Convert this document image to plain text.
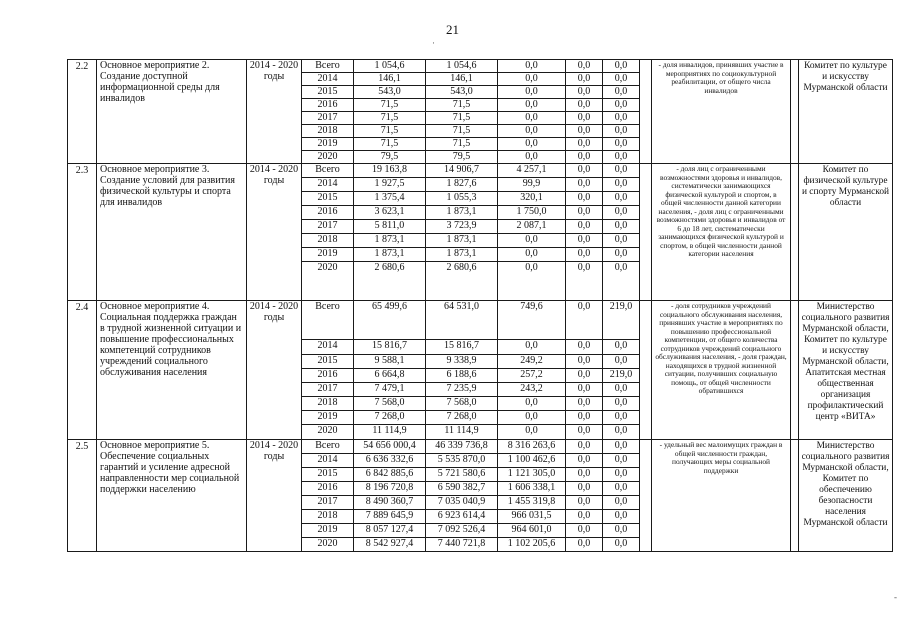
21
·
-
2.2	Основное мероприятие 2. Создание доступной информационной среды для инвалидов	2014 - 2020 годы	Всего	1 054,6	1 054,6	0,0	0,0	0,0		- доля инвалидов, принявших участие в мероприятиях по социокультурной реабилитации, от общего числа инвалидов		Комитет по культуре и искусству Мурманской области
			2014	146,1	146,1	0,0	0,0	0,0				
			2015	543,0	543,0	0,0	0,0	0,0				
			2016	71,5	71,5	0,0	0,0	0,0				
			2017	71,5	71,5	0,0	0,0	0,0				
			2018	71,5	71,5	0,0	0,0	0,0				
			2019	71,5	71,5	0,0	0,0	0,0				
			2020	79,5	79,5	0,0	0,0	0,0				
2.3	Основное мероприятие 3. Создание условий для развития физической культуры и спорта для инвалидов	2014 - 2020 годы	Всего	19 163,8	14 906,7	4 257,1	0,0	0,0		- доля лиц с ограниченными возможностями здоровья и инвалидов, систематически занимающихся физической культурой и спортом, в общей численности данной категории населения, - доля лиц с ограниченными возможностями здоровья и инвалидов от 6 до 18 лет, систематически занимающихся физической культурой и спортом, в общей численности данной категории населения		Комитет по физической культуре и спорту Мурманской области
			2014	1 927,5	1 827,6	99,9	0,0	0,0				
			2015	1 375,4	1 055,3	320,1	0,0	0,0				
			2016	3 623,1	1 873,1	1 750,0	0,0	0,0				
			2017	5 811,0	3 723,9	2 087,1	0,0	0,0				
			2018	1 873,1	1 873,1	0,0	0,0	0,0				
			2019	1 873,1	1 873,1	0,0	0,0	0,0				
			2020	2 680,6	2 680,6	0,0	0,0	0,0				
2.4	Основное мероприятие 4. Социальная поддержка граждан в трудной жизненной ситуации и повышение профессиональных компетенций сотрудников учреждений социального обслуживания населения	2014 - 2020 годы	Всего	65 499,6	64 531,0	749,6	0,0	219,0		- доля сотрудников учреждений социального обслуживания населения, принявших участие в мероприятиях по повышению профессиональной компетенции, от общего количества сотрудников учреждений социального обслуживания населения, - доля граждан, находящихся в трудной жизненной ситуации, получивших социальную помощь, от общей численности обратившихся		Министерство социального развития Мурманской области, Комитет по культуре и искусству Мурманской области, Апатитская местная общественная организация профилактический центр «ВИТА»
			2014	15 816,7	15 816,7	0,0	0,0	0,0				
			2015	9 588,1	9 338,9	249,2	0,0	0,0				
			2016	6 664,8	6 188,6	257,2	0,0	219,0				
			2017	7 479,1	7 235,9	243,2	0,0	0,0				
			2018	7 568,0	7 568,0	0,0	0,0	0,0				
			2019	7 268,0	7 268,0	0,0	0,0	0,0				
			2020	11 114,9	11 114,9	0,0	0,0	0,0				
2.5	Основное мероприятие 5. Обеспечение социальных гарантий и усиление адресной направленности мер социальной поддержки населению	2014 - 2020 годы	Всего	54 656 000,4	46 339 736,8	8 316 263,6	0,0	0,0		- удельный вес малоимущих граждан в общей численности граждан, получающих меры социальной поддержки		Министерство социального развития Мурманской области, Комитет по обеспечению безопасности населения Мурманской области
			2014	6 636 332,6	5 535 870,0	1 100 462,6	0,0	0,0				
			2015	6 842 885,6	5 721 580,6	1 121 305,0	0,0	0,0				
			2016	8 196 720,8	6 590 382,7	1 606 338,1	0,0	0,0				
			2017	8 490 360,7	7 035 040,9	1 455 319,8	0,0	0,0				
			2018	7 889 645,9	6 923 614,4	966 031,5	0,0	0,0				
			2019	8 057 127,4	7 092 526,4	964 601,0	0,0	0,0				
			2020	8 542 927,4	7 440 721,8	1 102 205,6	0,0	0,0				
